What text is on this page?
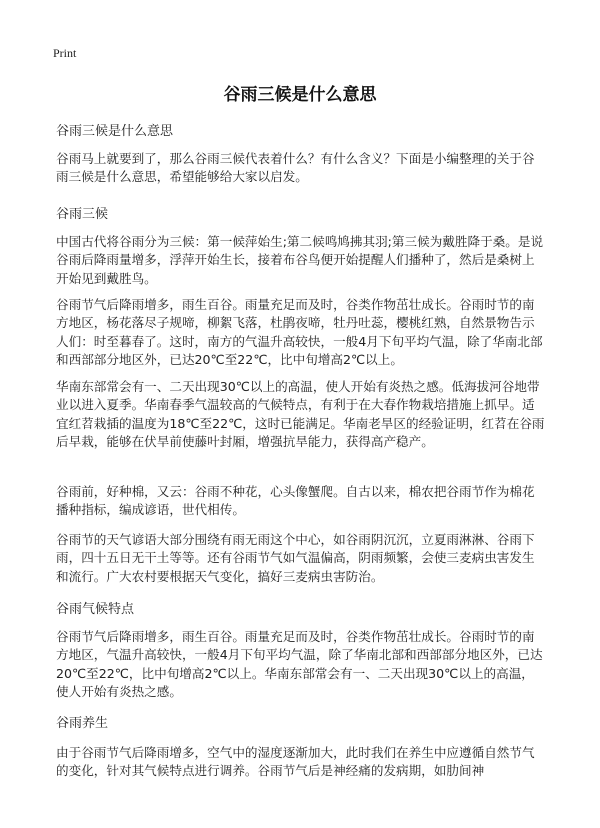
Print
谷雨三候是什么意思
谷雨三候是什么意思
谷雨马上就要到了，那么谷雨三候代表着什么？有什么含义？下面是小编整理的关于谷雨三候是什么意思，希望能够给大家以启发。
谷雨三候
中国古代将谷雨分为三候：第一候萍始生;第二候鸣鸠拂其羽;第三候为戴胜降于桑。是说谷雨后降雨量增多，浮萍开始生长，接着布谷鸟便开始提醒人们播种了，然后是桑树上开始见到戴胜鸟。
谷雨节气后降雨增多，雨生百谷。雨量充足而及时，谷类作物茁壮成长。谷雨时节的南方地区，杨花落尽子规啼，柳絮飞落，杜鹃夜啼，牡丹吐蕊，樱桃红熟，自然景物告示人们：时至暮春了。这时，南方的气温升高较快，一般4月下旬平均气温，除了华南北部和西部部分地区外，已达20℃至22℃，比中旬增高2℃以上。
华南东部常会有一、二天出现30℃以上的高温，使人开始有炎热之感。低海拔河谷地带业以进入夏季。华南春季气温较高的气候特点，有利于在大春作物栽培措施上抓早。适宜红苕栽插的温度为18℃至22℃，这时已能满足。华南老旱区的经验证明，红苕在谷雨后早栽，能够在伏旱前使藤叶封厢，增强抗旱能力，获得高产稳产。
谷雨前，好种棉，又云：谷雨不种花，心头像蟹爬。自古以来，棉农把谷雨节作为棉花播种指标，编成谚语，世代相传。
谷雨节的天气谚语大部分围绕有雨无雨这个中心，如谷雨阴沉沉，立夏雨淋淋、谷雨下雨，四十五日无干土等等。还有谷雨节气如气温偏高，阴雨频繁，会使三麦病虫害发生和流行。广大农村要根据天气变化，搞好三麦病虫害防治。
谷雨气候特点
谷雨节气后降雨增多，雨生百谷。雨量充足而及时，谷类作物茁壮成长。谷雨时节的南方地区，气温升高较快，一般4月下旬平均气温，除了华南北部和西部部分地区外，已达20℃至22℃，比中旬增高2℃以上。华南东部常会有一、二天出现30℃以上的高温，使人开始有炎热之感。
谷雨养生
由于谷雨节气后降雨增多，空气中的湿度逐渐加大，此时我们在养生中应遵循自然节气的变化，针对其气候特点进行调养。谷雨节气后是神经痛的发病期，如肋间神
